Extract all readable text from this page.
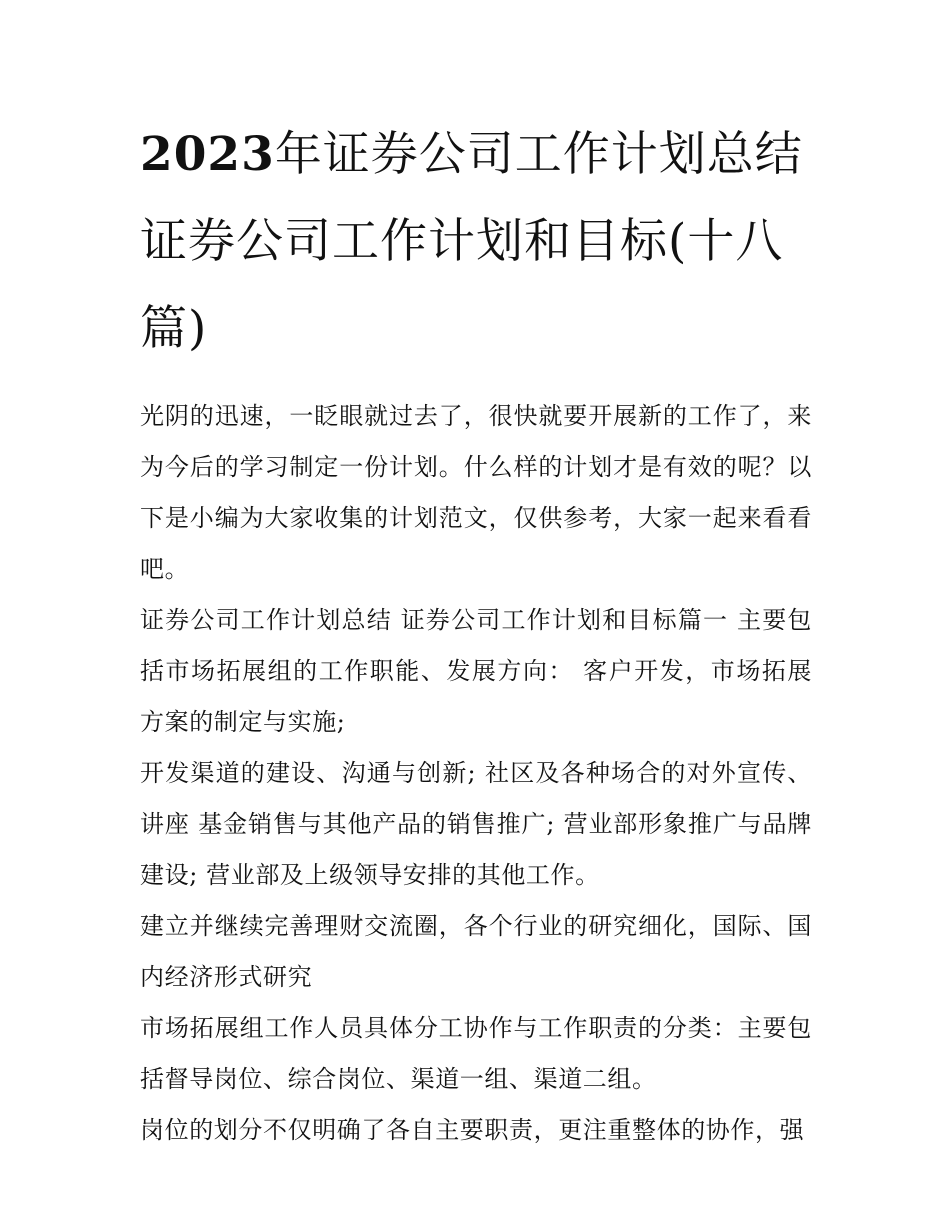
2023年证券公司工作计划总结 证券公司工作计划和目标(十八篇)

光阴的迅速，一眨眼就过去了，很快就要开展新的工作了，来为今后的学习制定一份计划。什么样的计划才是有效的呢？以下是小编为大家收集的计划范文，仅供参考，大家一起来看看吧。

证券公司工作计划总结 证券公司工作计划和目标篇一 主要包括市场拓展组的工作职能、发展方向： 客户开发，市场拓展方案的制定与实施;

开发渠道的建设、沟通与创新; 社区及各种场合的对外宣传、讲座 基金销售与其他产品的销售推广; 营业部形象推广与品牌建设; 营业部及上级领导安排的其他工作。

建立并继续完善理财交流圈，各个行业的研究细化，国际、国内经济形式研究

市场拓展组工作人员具体分工协作与工作职责的分类：主要包括督导岗位、综合岗位、渠道一组、渠道二组。

岗位的划分不仅明确了各自主要职责，更注重整体的协作，强
